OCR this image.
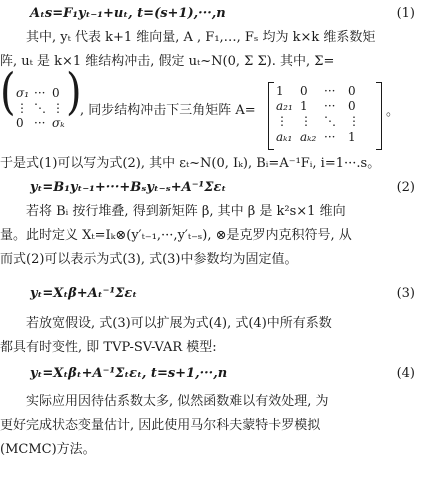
Aₜs=F₁yₜ₋₁+uₜ, t=(s+1),···,n	(1)
其中, yₜ 代表 k+1 维向量, A , F₁,…, Fₛ 均为 k×k 维系数矩
阵, uₜ 是 k×1 维结构冲击, 假定 uₜ~N(0, Σ Σ). 其中, Σ=
( σ₁ ··· 0
⋮ ⋱ ⋮
0 ··· σₖ
)
, 同步结构冲击下三角矩阵 A=
1 0 ··· 0
a₂₁ 1 ··· 0
⋮ ⋮ ⋱ ⋮
aₖ₁ aₖ₂ ··· 1
。
于是式(1)可以写为式(2), 其中 εₜ~N(0, Iₖ), Bᵢ=A⁻¹Fᵢ, i=1···.s。
yₜ=B₁yₜ₋₁+···+Bₛyₜ₋ₛ+A⁻¹Σεₜ	(2)
若将 Bᵢ 按行堆叠, 得到新矩阵 β, 其中 β 是 k²s×1 维向
量。此时定义 Xₜ=Iₖ⊗(y′ₜ₋₁,···,y′ₜ₋ₛ), ⊗是克罗内克积符号, 从
而式(2)可以表示为式(3), 式(3)中参数均为固定值。
yₜ=Xₜβ+Aₜ⁻¹Σεₜ	(3)
若放宽假设, 式(3)可以扩展为式(4), 式(4)中所有系数
都具有时变性, 即 TVP-SV-VAR 模型:
yₜ=Xₜβₜ+A⁻¹Σₜεₜ, t=s+1,···,n	(4)
实际应用因待估系数太多, 似然函数难以有效处理, 为
更好完成状态变量估计, 因此使用马尔科夫蒙特卡罗模拟
(MCMC)方法。
